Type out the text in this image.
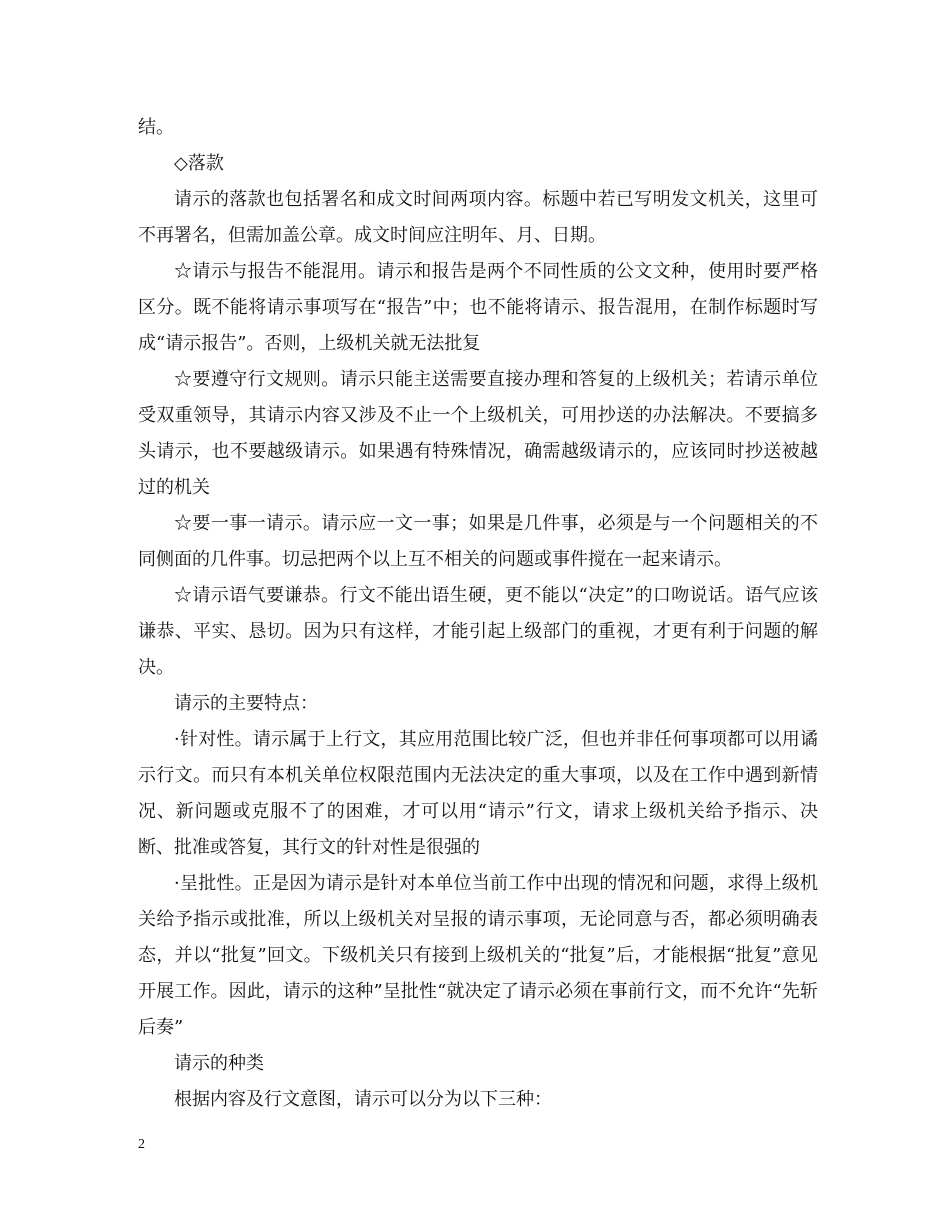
结。

◇落款

请示的落款也包括署名和成文时间两项内容。标题中若已写明发文机关，这里可不再署名，但需加盖公章。成文时间应注明年、月、日期。

☆请示与报告不能混用。请示和报告是两个不同性质的公文文种，使用时要严格区分。既不能将请示事项写在“报告”中；也不能将请示、报告混用，在制作标题时写成“请示报告”。否则，上级机关就无法批复

☆要遵守行文规则。请示只能主送需要直接办理和答复的上级机关；若请示单位受双重领导，其请示内容又涉及不止一个上级机关，可用抄送的办法解决。不要搞多头请示，也不要越级请示。如果遇有特殊情况，确需越级请示的，应该同时抄送被越过的机关

☆要一事一请示。请示应一文一事；如果是几件事，必须是与一个问题相关的不同侧面的几件事。切忌把两个以上互不相关的问题或事件搅在一起来请示。

☆请示语气要谦恭。行文不能出语生硬，更不能以“决定”的口吻说话。语气应该谦恭、平实、恳切。因为只有这样，才能引起上级部门的重视，才更有利于问题的解决。

请示的主要特点：

·针对性。请示属于上行文，其应用范围比较广泛，但也并非任何事项都可以用谲示行文。而只有本机关单位权限范围内无法决定的重大事项，以及在工作中遇到新情况、新问题或克服不了的困难，才可以用“请示”行文，请求上级机关给予指示、决断、批准或答复，其行文的针对性是很强的

·呈批性。正是因为请示是针对本单位当前工作中出现的情况和问题，求得上级机关给予指示或批准，所以上级机关对呈报的请示事项，无论同意与否，都必须明确表态，并以“批复”回文。下级机关只有接到上级机关的“批复”后，才能根据“批复”意见开展工作。因此，请示的这种”呈批性“就决定了请示必须在事前行文，而不允许“先斩后奏”

请示的种类

根据内容及行文意图，请示可以分为以下三种：

2
